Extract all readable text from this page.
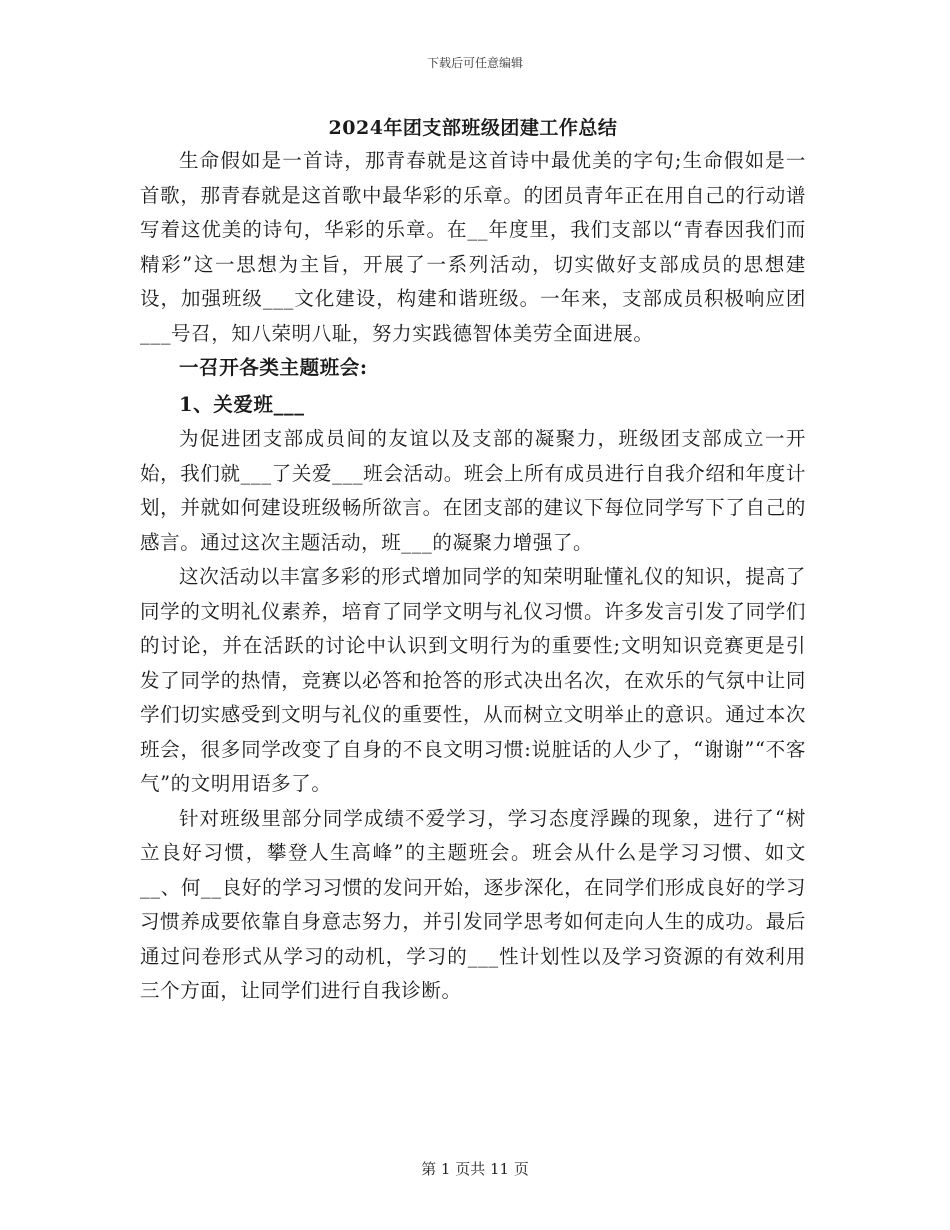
下载后可任意编辑
2024年团支部班级团建工作总结

生命假如是一首诗，那青春就是这首诗中最优美的字句;生命假如是一首歌，那青春就是这首歌中最华彩的乐章。的团员青年正在用自己的行动谱写着这优美的诗句，华彩的乐章。在__年度里，我们支部以“青春因我们而精彩”这一思想为主旨，开展了一系列活动，切实做好支部成员的思想建设，加强班级___文化建设，构建和谐班级。一年来，支部成员积极响应团___号召，知八荣明八耻，努力实践德智体美劳全面进展。

一召开各类主题班会:

1、关爱班___

为促进团支部成员间的友谊以及支部的凝聚力，班级团支部成立一开始，我们就___了关爱___班会活动。班会上所有成员进行自我介绍和年度计划，并就如何建设班级畅所欲言。在团支部的建议下每位同学写下了自己的感言。通过这次主题活动，班___的凝聚力增强了。

这次活动以丰富多彩的形式增加同学的知荣明耻懂礼仪的知识，提高了同学的文明礼仪素养，培育了同学文明与礼仪习惯。许多发言引发了同学们的讨论，并在活跃的讨论中认识到文明行为的重要性;文明知识竞赛更是引发了同学的热情，竞赛以必答和抢答的形式决出名次，在欢乐的气氛中让同学们切实感受到文明与礼仪的重要性，从而树立文明举止的意识。通过本次班会，很多同学改变了自身的不良文明习惯:说脏话的人少了，“谢谢”“不客气”的文明用语多了。

针对班级里部分同学成绩不爱学习，学习态度浮躁的现象，进行了“树立良好习惯，攀登人生高峰”的主题班会。班会从什么是学习习惯、如文__、何__良好的学习习惯的发问开始，逐步深化，在同学们形成良好的学习习惯养成要依靠自身意志努力，并引发同学思考如何走向人生的成功。最后通过问卷形式从学习的动机，学习的___性计划性以及学习资源的有效利用三个方面，让同学们进行自我诊断。

第 1 页共 11 页
